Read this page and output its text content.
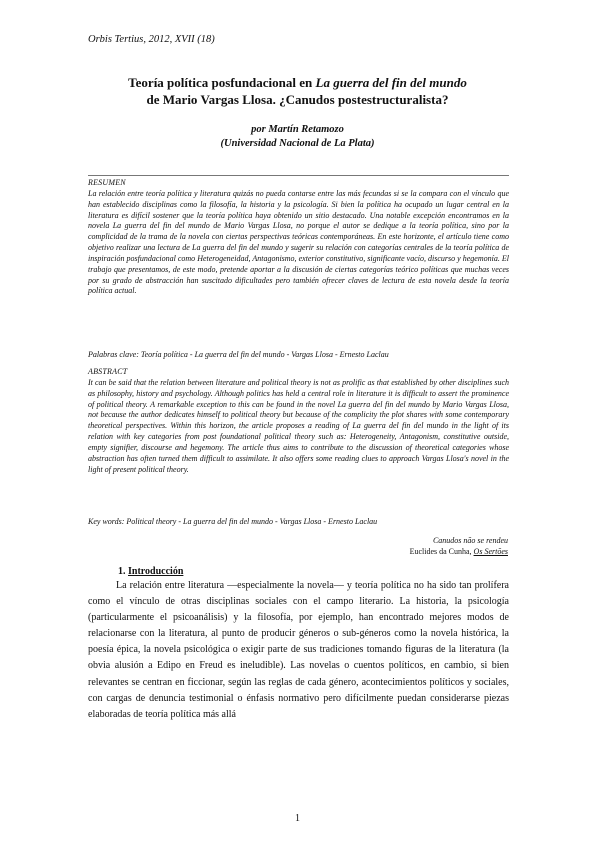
Orbis Tertius, 2012, XVII (18)
Teoría política posfundacional en La guerra del fin del mundo
de Mario Vargas Llosa. ¿Canudos postestructuralista?
por Martín Retamozo
(Universidad Nacional de La Plata)
RESUMEN

La relación entre teoría política y literatura quizás no pueda contarse entre las más fecundas si se la compara con el vínculo que han establecido disciplinas como la filosofía, la historia y la psicología. Si bien la política ha ocupado un lugar central en la literatura es difícil sostener que la teoría política haya obtenido un sitio destacado. Una notable excepción encontramos en la novela La guerra del fin del mundo de Mario Vargas Llosa, no porque el autor se dedique a la teoría política, sino por la complicidad de la trama de la novela con ciertas perspectivas teóricas contemporáneas. En este horizonte, el artículo tiene como objetivo realizar una lectura de La guerra del fin del mundo y sugerir su relación con categorías centrales de la teoría política de inspiración posfundacional como Heterogeneidad, Antagonismo, exterior constitutivo, significante vacío, discurso y hegemonía. El trabajo que presentamos, de este modo, pretende aportar a la discusión de ciertas categorías teórico políticas que muchas veces por su grado de abstracción han suscitado dificultades pero también ofrecer claves de lectura de esta novela desde la teoría política actual.

Palabras clave: Teoría política - La guerra del fin del mundo - Vargas Llosa - Ernesto Laclau
ABSTRACT

It can be said that the relation between literature and political theory is not as prolific as that established by other disciplines such as philosophy, history and psychology. Although politics has held a central role in literature it is difficult to assert the prominence of political theory. A remarkable exception to this can be found in the novel La guerra del fin del mundo by Mario Vargas Llosa, not because the author dedicates himself to political theory but because of the complicity the plot shares with some contemporary theoretical perspectives. Within this horizon, the article proposes a reading of La guerra del fin del mundo in the light of its relation with key categories from post foundational political theory such as: Heterogeneity, Antagonism, constitutive outside, empty signifier, discourse and hegemony. The article thus aims to contribute to the discussion of theoretical categories whose abstraction has often turned them difficult to assimilate. It also offers some reading clues to approach Vargas Llosa's novel in the light of present political theory.

Key words: Political theory - La guerra del fin del mundo - Vargas Llosa - Ernesto Laclau
Canudos não se rendeu
Euclides da Cunha, Os Sertões
1. Introducción

La relación entre literatura —especialmente la novela— y teoría política no ha sido tan prolífera como el vínculo de otras disciplinas sociales con el campo literario. La historia, la psicología (particularmente el psicoanálisis) y la filosofía, por ejemplo, han encontrado mejores modos de relacionarse con la literatura, al punto de producir géneros o sub-géneros como la novela histórica, la poesía épica, la novela psicológica o exigir parte de sus tradiciones tomando figuras de la literatura (la obvia alusión a Edipo en Freud es ineludible). Las novelas o cuentos políticos, en cambio, si bien relevantes se centran en ficcionar, según las reglas de cada género, acontecimientos políticos y sociales, con cargas de denuncia testimonial o énfasis normativo pero difícilmente puedan considerarse piezas elaboradas de teoría política más allá

1
